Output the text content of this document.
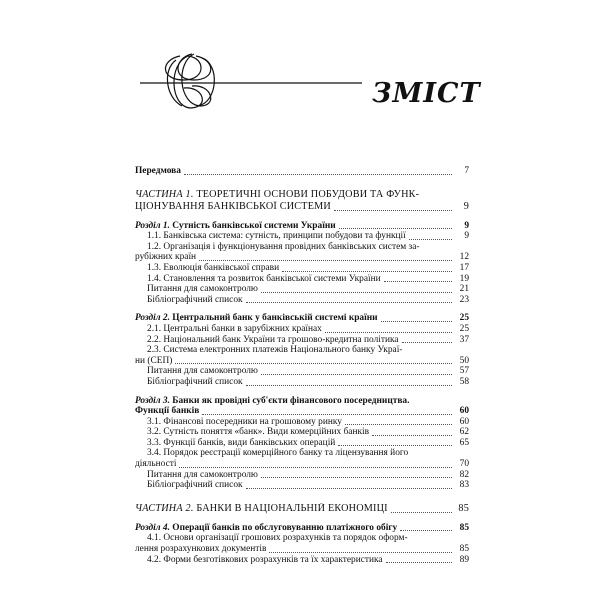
ЗМІСТ
Передмова	7
ЧАСТИНА 1. ТЕОРЕТИЧНІ ОСНОВИ ПОБУДОВИ ТА ФУНК-
ЦІОНУВАННЯ БАНКІВСЬКОЇ СИСТЕМИ	9
Розділ 1. Сутність банківської системи України	9
1.1. Банківська система: сутність, принципи побудови та функції	9
1.2. Організація і функціонування провідних банківських систем за-
рубіжних країн	12
1.3. Еволюція банківської справи	17
1.4. Становлення та розвиток банківської системи України	19
Питання для самоконтролю	21
Бібліографічний список	23
Розділ 2. Центральний банк у банківській системі країни	25
2.1. Центральні банки в зарубіжних країнах	25
2.2. Національний банк України та грошово-кредитна політика	37
2.3. Система електронних платежів Національного банку Украї-
ни (СЕП)	50
Питання для самоконтролю	57
Бібліографічний список	58
Розділ 3. Банки як провідні суб'єкти фінансового посередництва.
Функції банків	60
3.1. Фінансові посередники на грошовому ринку	60
3.2. Сутність поняття «банк». Види комерційних банків	62
3.3. Функції банків, види банківських операцій	65
3.4. Порядок реєстрації комерційного банку та ліцензування його
діяльності	70
Питання для самоконтролю	82
Бібліографічний список	83
ЧАСТИНА 2. БАНКИ В НАЦІОНАЛЬНІЙ ЕКОНОМІЦІ	85
Розділ 4. Операції банків по обслуговуванню платіжного обігу	85
4.1. Основи організації грошових розрахунків та порядок оформ-
лення розрахункових документів	85
4.2. Форми безготівкових розрахунків та їх характеристика	89
